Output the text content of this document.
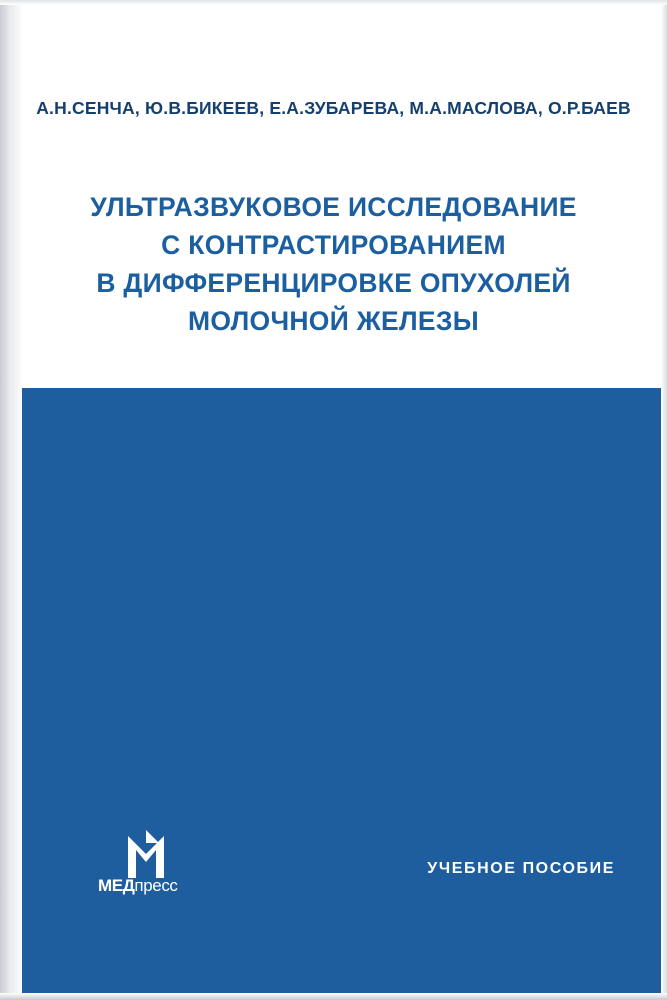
А.Н.СЕНЧА, Ю.В.БИКЕЕВ, Е.А.ЗУБАРЕВА, М.А.МАСЛОВА, О.Р.БАЕВ
УЛЬТРАЗВУКОВОЕ ИССЛЕДОВАНИЕ
С КОНТРАСТИРОВАНИЕМ
В ДИФФЕРЕНЦИРОВКЕ ОПУХОЛЕЙ
МОЛОЧНОЙ ЖЕЛЕЗЫ
МЕДпресс
УЧЕБНОЕ ПОСОБИЕ
